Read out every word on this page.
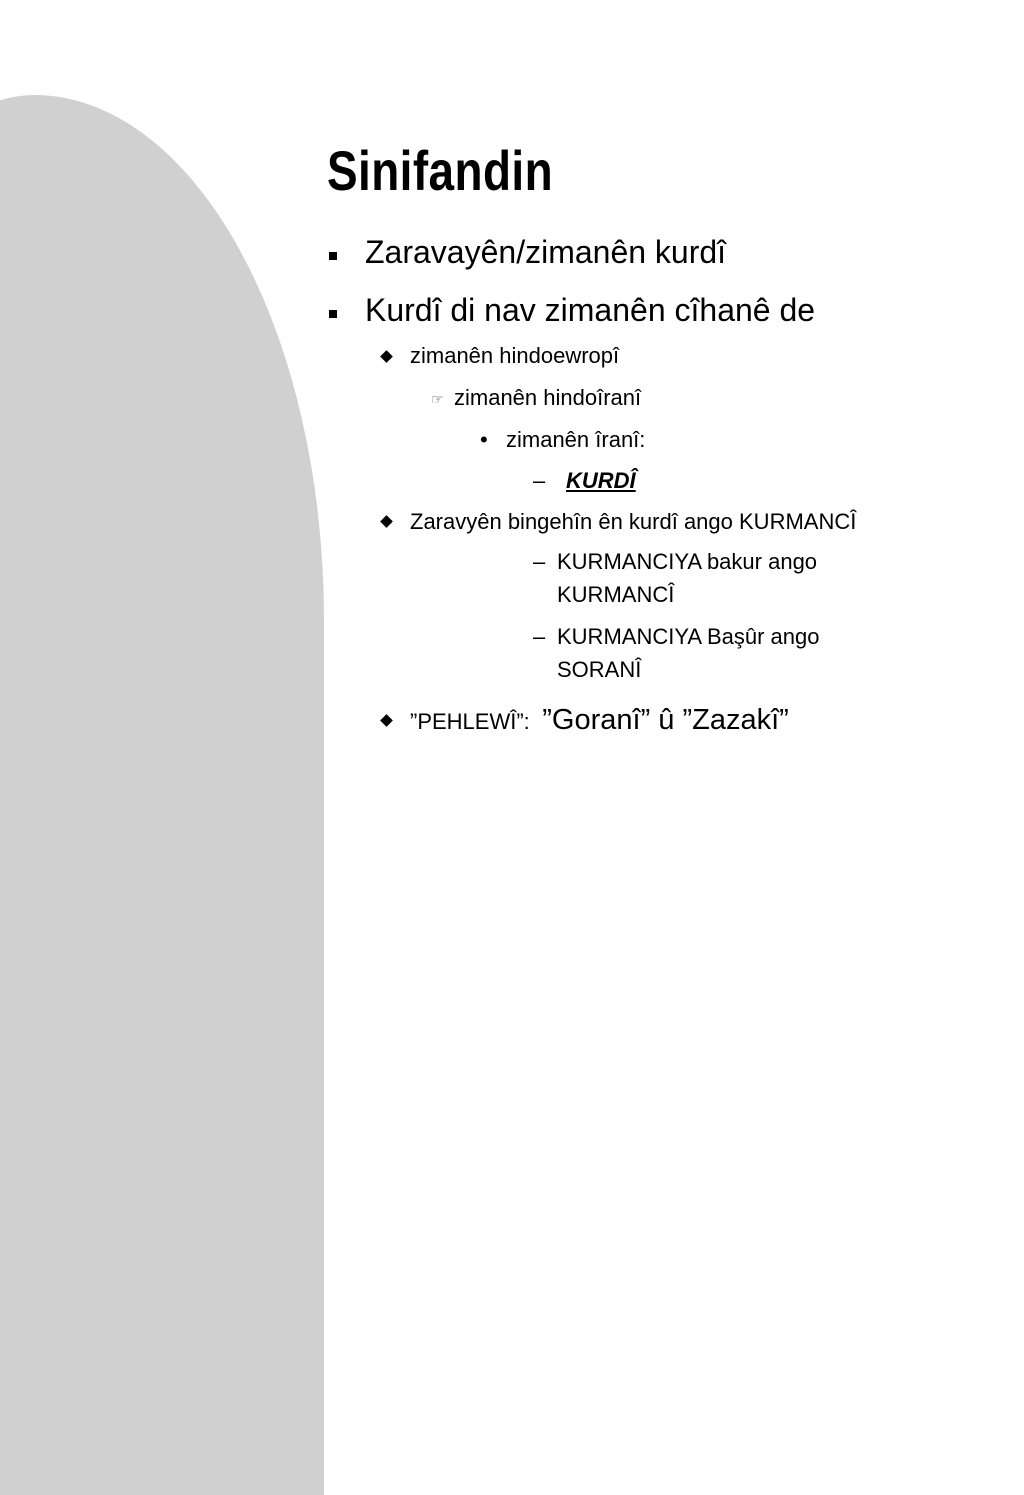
Sinifandin
Zaravayên/zimanên kurdî
Kurdî di nav zimanên cîhanê de
zimanên hindoewropî
☞ zimanên hindoîranî
• zimanên îranî:
– KURDÎ
Zaravyên bingehîn ên kurdî ango KURMANCÎ
– KURMANCIYA bakur ango
KURMANCÎ
– KURMANCIYA Başûr ango
SORANÎ
”PEHLEWÎ”: ”Goranî” û ”Zazakî”
